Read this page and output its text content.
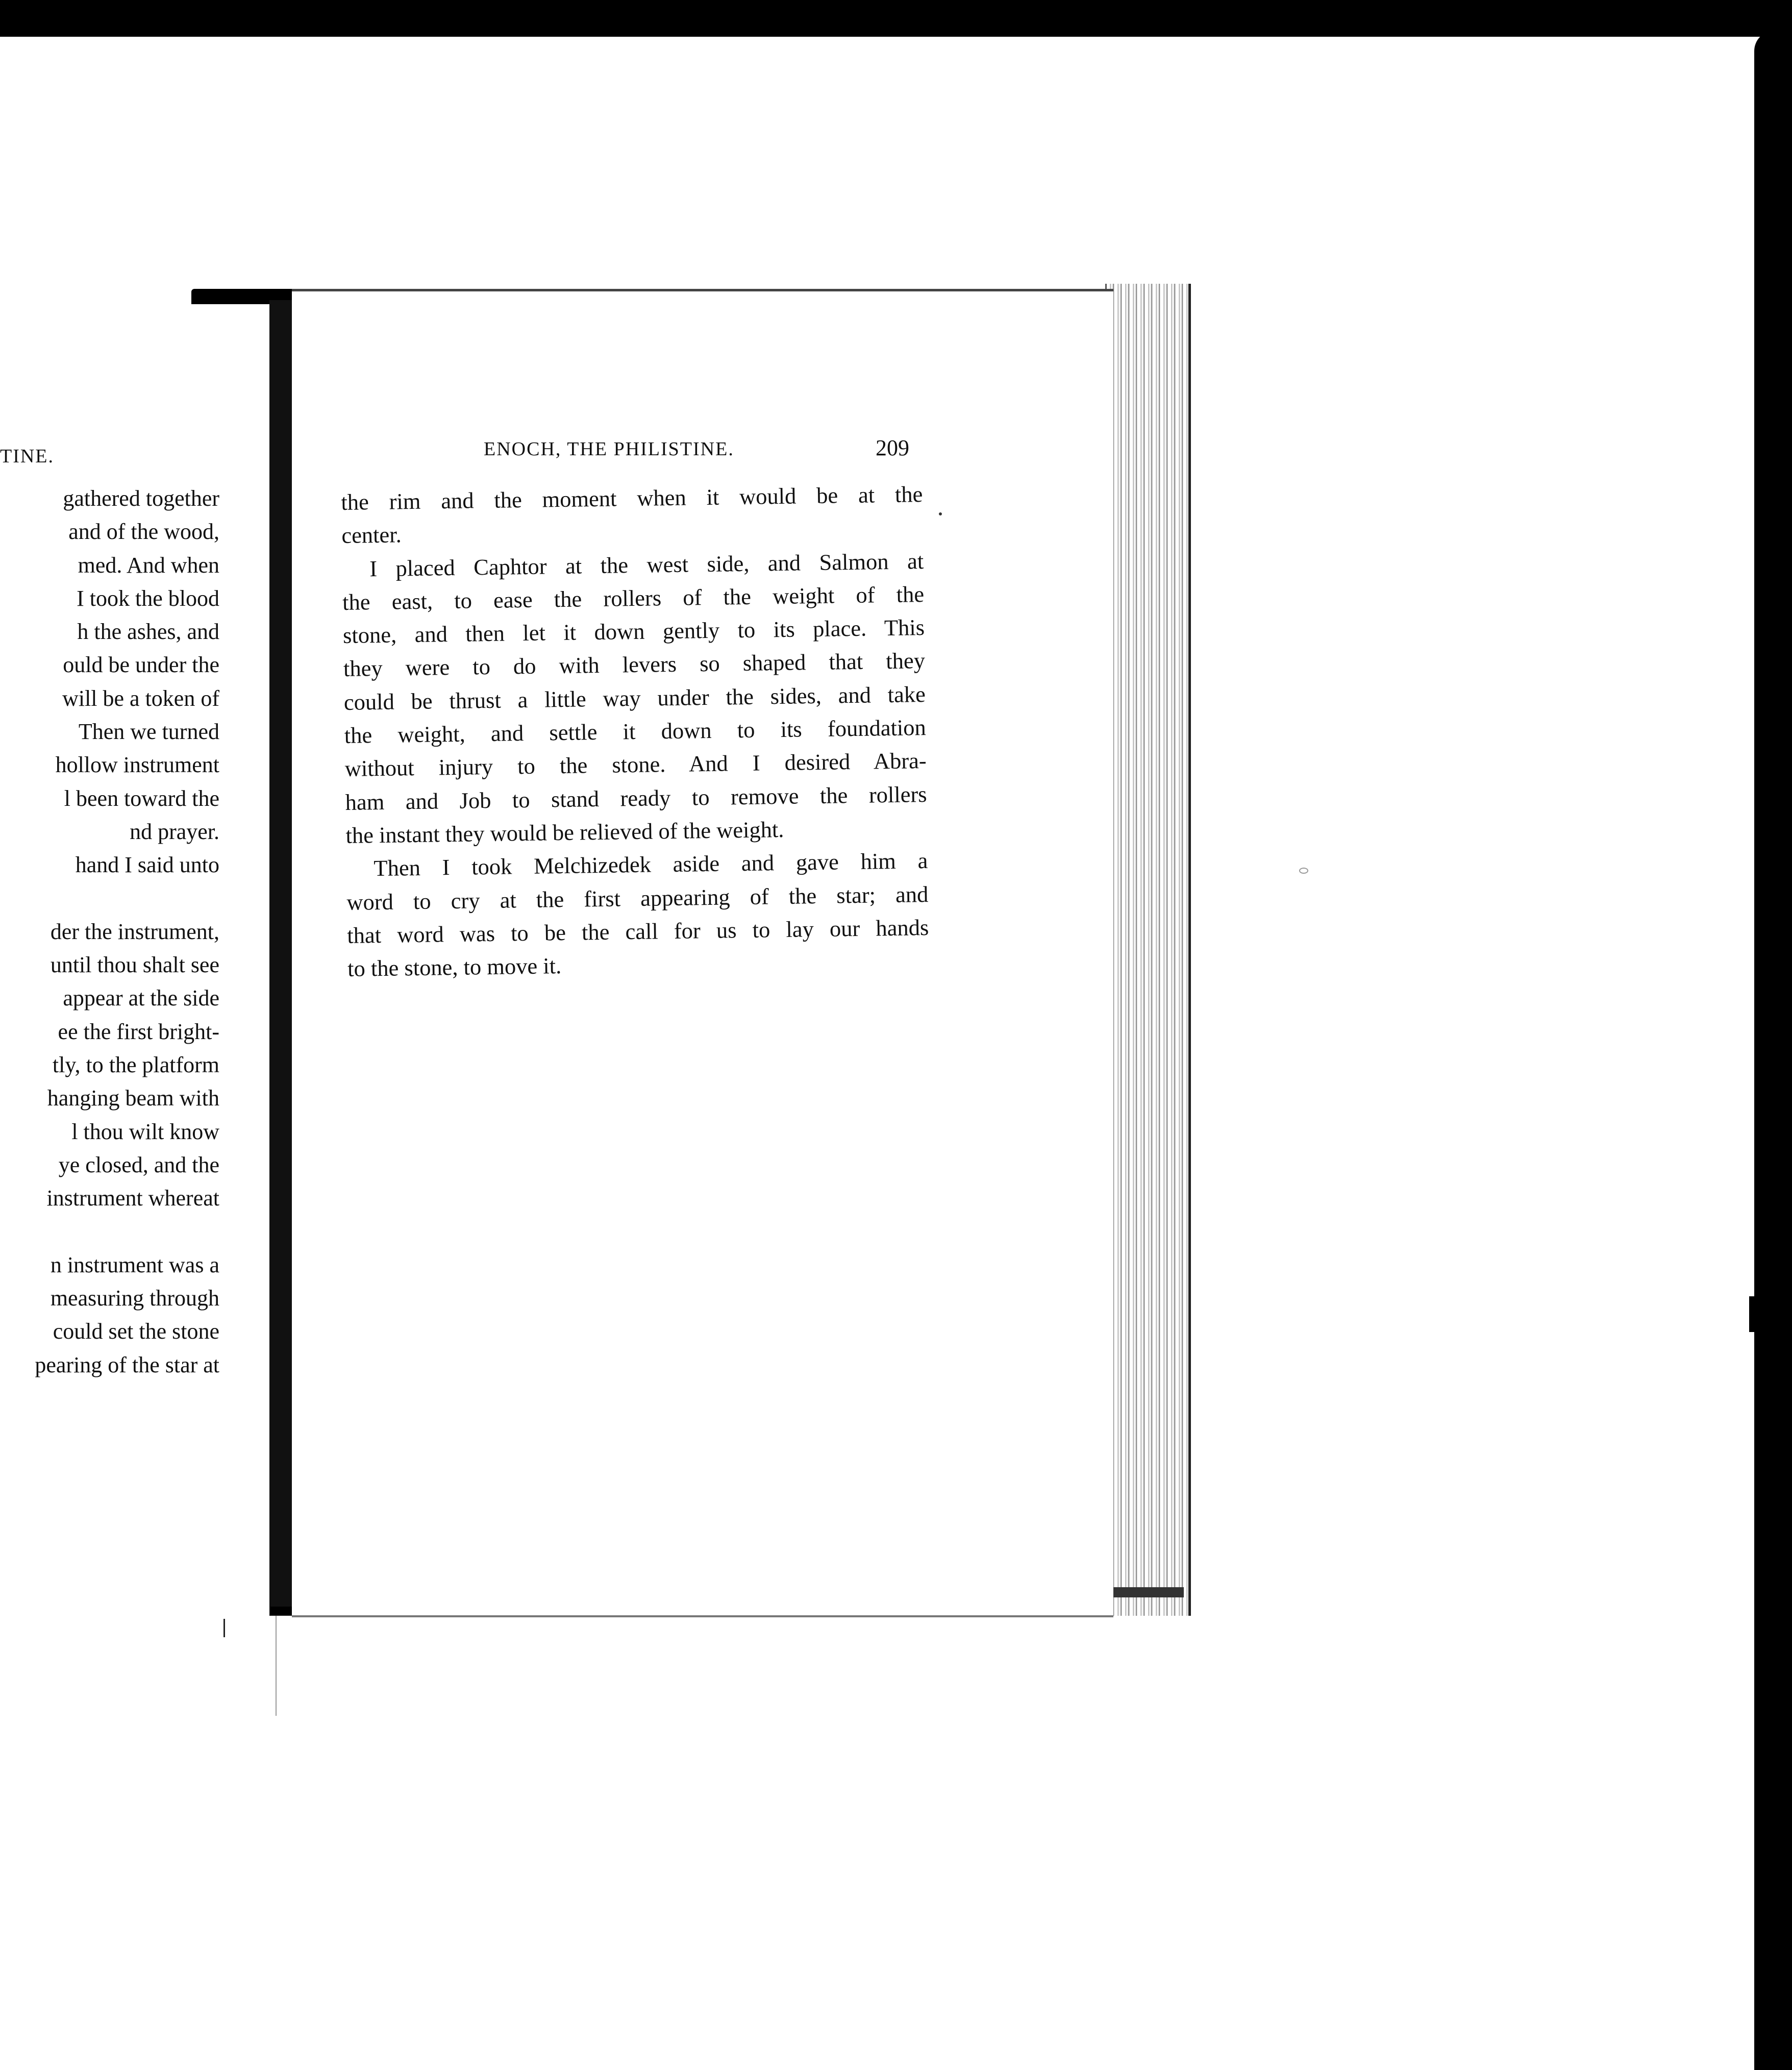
TINE.
gathered together
and of the wood,
med. And when
I took the blood
h the ashes, and
ould be under the
will be a token of
Then we turned
hollow instrument
l been toward the
nd prayer.
hand I said unto
der the instrument,
until thou shalt see
appear at the side
ee the first bright-
tly, to the platform
hanging beam with
l thou wilt know
ye closed, and the
instrument whereat
n instrument was a
measuring through
could set the stone
pearing of the star at
ENOCH, THE PHILISTINE.	209
the rim and the moment when it would be at the
center.
I placed Caphtor at the west side, and Salmon at
the east, to ease the rollers of the weight of the
stone, and then let it down gently to its place. This
they were to do with levers so shaped that they
could be thrust a little way under the sides, and take
the weight, and settle it down to its foundation
without injury to the stone. And I desired Abra-
ham and Job to stand ready to remove the rollers
the instant they would be relieved of the weight.
Then I took Melchizedek aside and gave him a
word to cry at the first appearing of the star; and
that word was to be the call for us to lay our hands
to the stone, to move it.
